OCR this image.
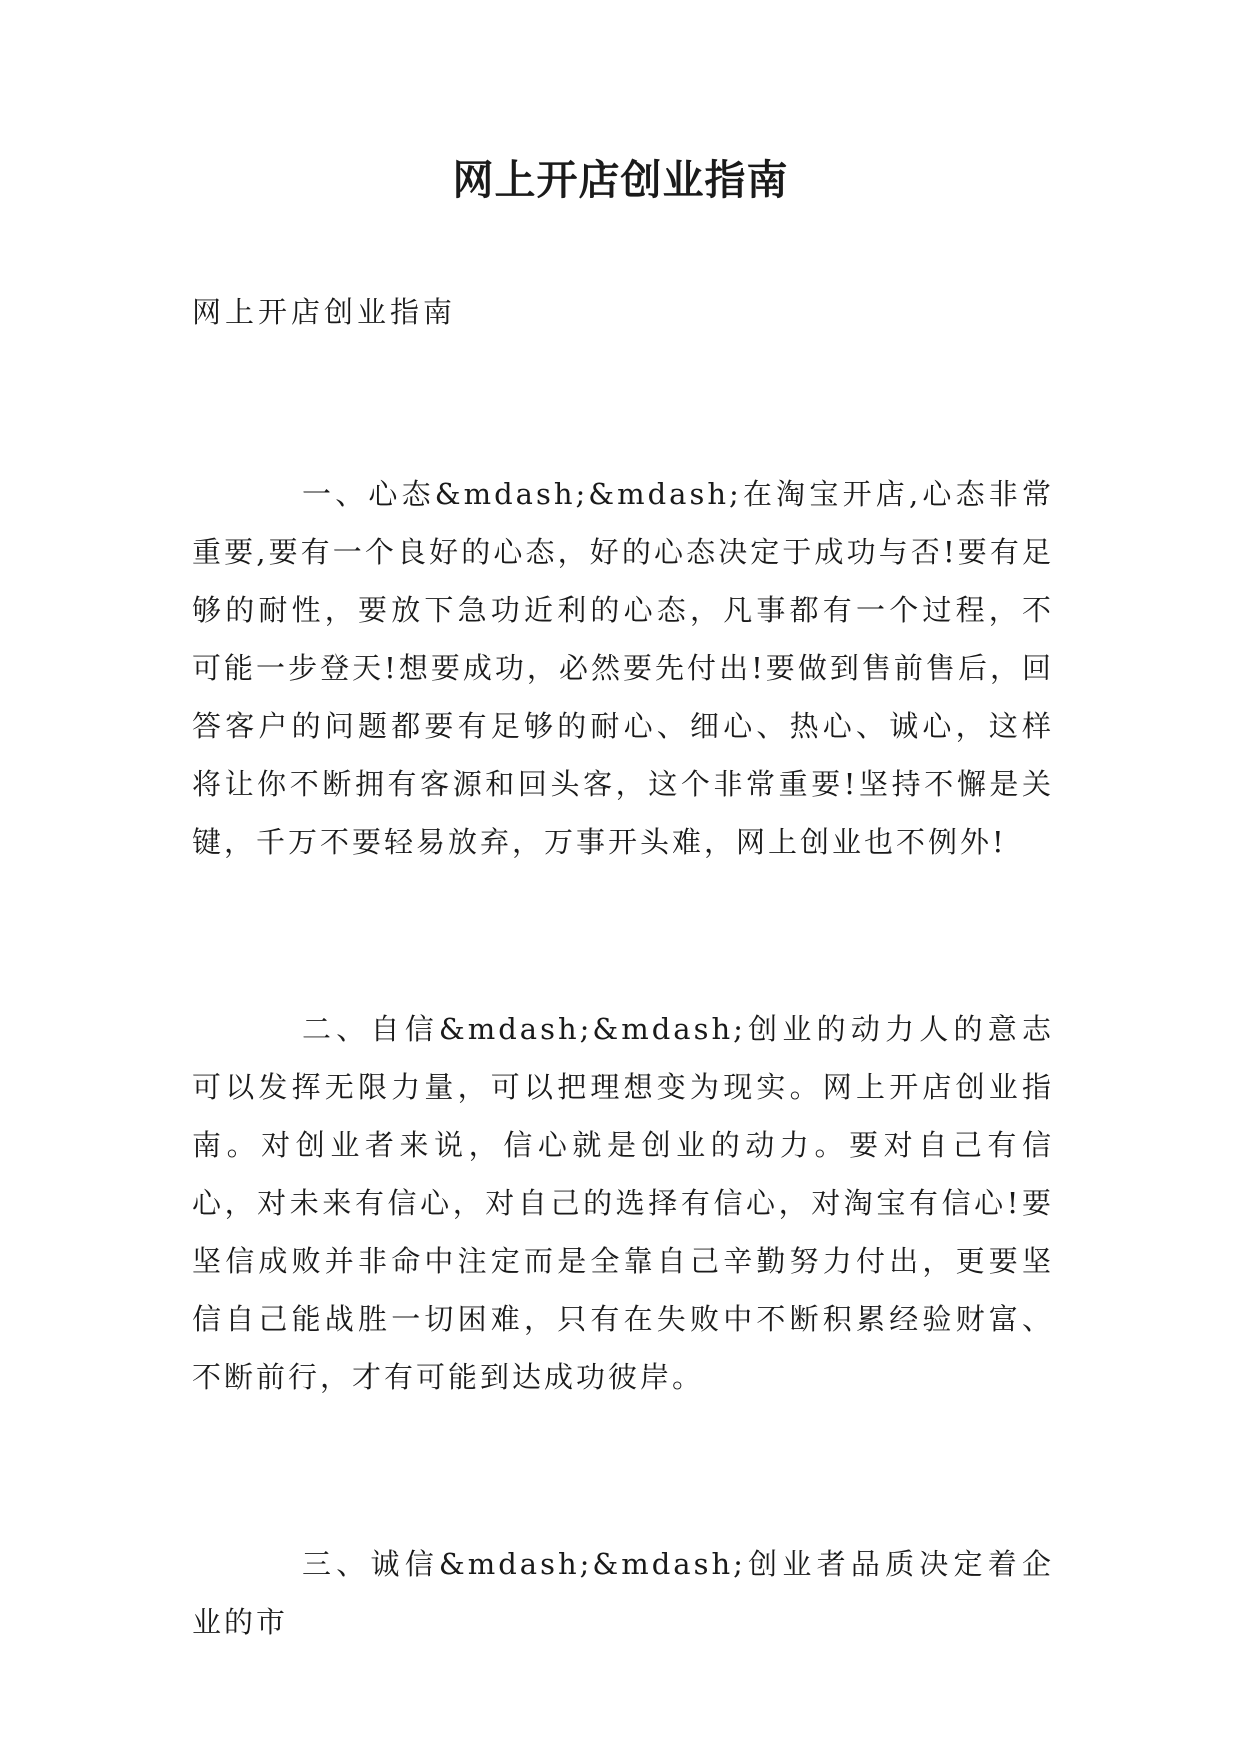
网上开店创业指南

网上开店创业指南

一、心态&mdash;&mdash;在淘宝开店,心态非常重要,要有一个良好的心态，好的心态决定于成功与否!要有足够的耐性，要放下急功近利的心态，凡事都有一个过程，不可能一步登天!想要成功，必然要先付出!要做到售前售后，回答客户的问题都要有足够的耐心、细心、热心、诚心，这样将让你不断拥有客源和回头客，这个非常重要!坚持不懈是关键，千万不要轻易放弃，万事开头难，网上创业也不例外!

二、自信&mdash;&mdash;创业的动力人的意志可以发挥无限力量，可以把理想变为现实。网上开店创业指南。对创业者来说，信心就是创业的动力。要对自己有信心，对未来有信心，对自己的选择有信心，对淘宝有信心!要坚信成败并非命中注定而是全靠自己辛勤努力付出，更要坚信自己能战胜一切困难，只有在失败中不断积累经验财富、不断前行，才有可能到达成功彼岸。

三、诚信&mdash;&mdash;创业者品质决定着企业的市
